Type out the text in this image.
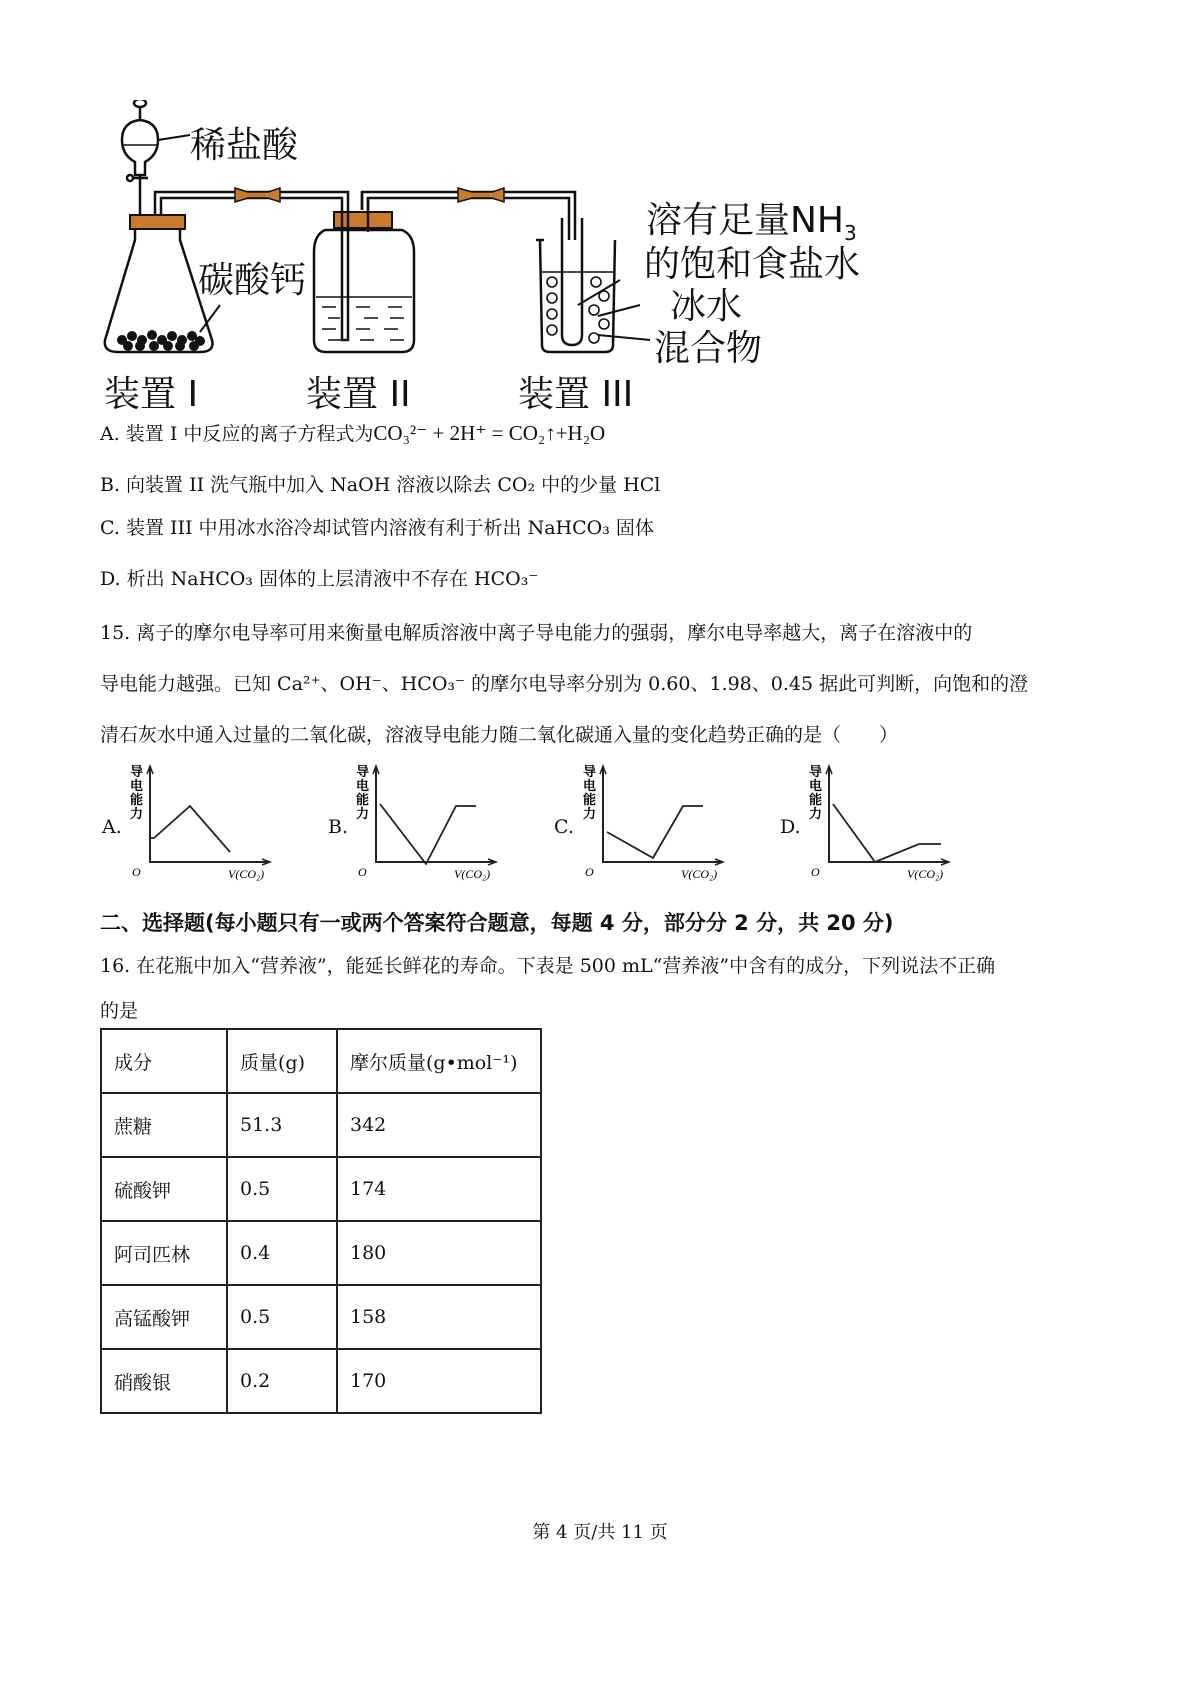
稀盐酸
碳酸钙
溶有足量$NH_3$
的饱和食盐水
冰水
混合物
装置 I	装置 II	装置 III
A. 装置 I 中反应的离子方程式为CO₃²⁻ + 2H⁺ = CO₂↑+H₂O
B. 向装置 II 洗气瓶中加入 NaOH 溶液以除去 CO₂ 中的少量 HCl
C. 装置 III 中用冰水浴冷却试管内溶液有利于析出 NaHCO₃ 固体
D. 析出 NaHCO₃ 固体的上层清液中不存在 HCO₃⁻
15. 离子的摩尔电导率可用来衡量电解质溶液中离子导电能力的强弱，摩尔电导率越大，离子在溶液中的
导电能力越强。已知 Ca²⁺、OH⁻、HCO₃⁻ 的摩尔电导率分别为 0.60、1.98、0.45 据此可判断，向饱和的澄
清石灰水中通入过量的二氧化碳，溶液导电能力随二氧化碳通入量的变化趋势正确的是（　　）
A.
导
电
能
力
O	V(CO₂)
B.
导
电
能
力
O	V(CO₂)
C.
导
电
能
力
O	V(CO₂)
D.
导
电
能
力
O	V(CO₂)
二、选择题(每小题只有一或两个答案符合题意，每题 4 分，部分分 2 分，共 20 分)
16. 在花瓶中加入“营养液”，能延长鲜花的寿命。下表是 500 mL“营养液”中含有的成分，下列说法不正确
的是
成分	质量(g)	摩尔质量(g•mol⁻¹)
蔗糖	51.3	342
硫酸钾	0.5	174
阿司匹林	0.4	180
高锰酸钾	0.5	158
硝酸银	0.2	170
第 4 页/共 11 页
